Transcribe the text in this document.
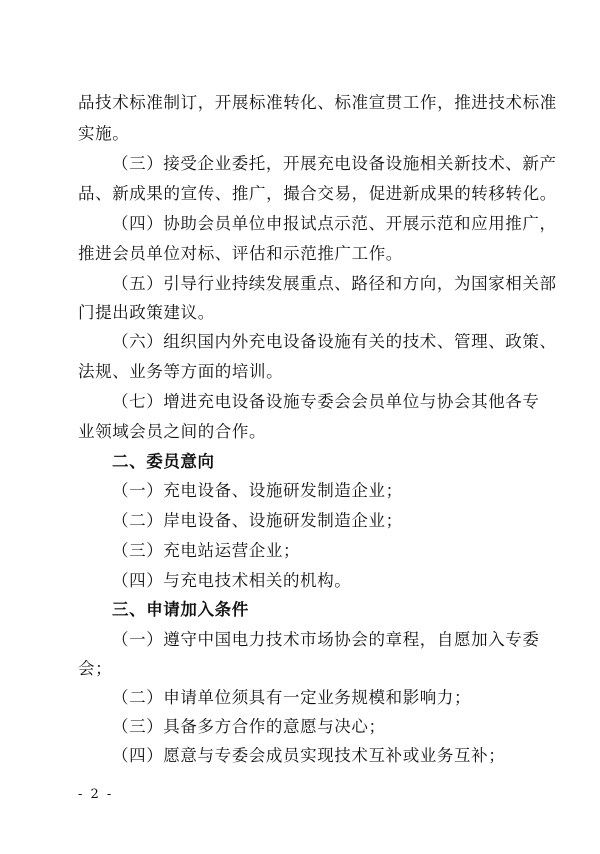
品技术标准制订，开展标准转化、标准宣贯工作，推进技术标准
实施。
（三）接受企业委托，开展充电设备设施相关新技术、新产
品、新成果的宣传、推广，撮合交易，促进新成果的转移转化。
（四）协助会员单位申报试点示范、开展示范和应用推广，
推进会员单位对标、评估和示范推广工作。
（五）引导行业持续发展重点、路径和方向，为国家相关部
门提出政策建议。
（六）组织国内外充电设备设施有关的技术、管理、政策、
法规、业务等方面的培训。
（七）增进充电设备设施专委会会员单位与协会其他各专
业领域会员之间的合作。
二、委员意向
（一）充电设备、设施研发制造企业；
（二）岸电设备、设施研发制造企业；
（三）充电站运营企业；
（四）与充电技术相关的机构。
三、申请加入条件
（一）遵守中国电力技术市场协会的章程，自愿加入专委
会；
（二）申请单位须具有一定业务规模和影响力；
（三）具备多方合作的意愿与决心；
（四）愿意与专委会成员实现技术互补或业务互补；
- 2 -
